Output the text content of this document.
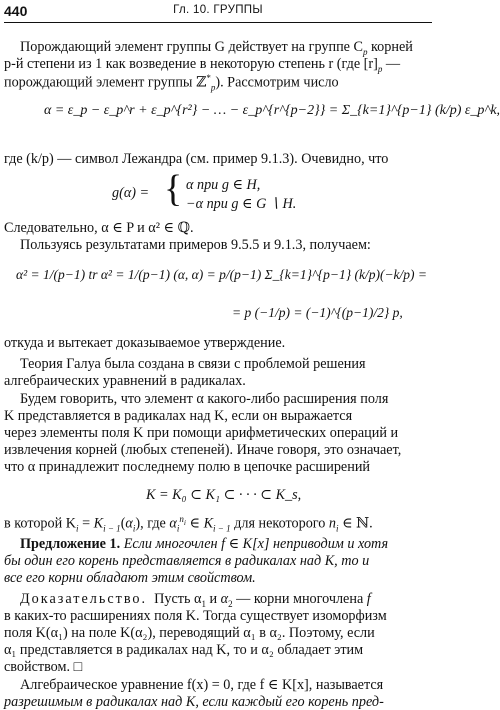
440	Гл. 10. ГРУППЫ
Порождающий элемент группы G действует на группе $C_p$ корней
p-й степени из 1 как возведение в некоторую степень r (где $[r]_p$ —
порождающий элемент группы ℤ*$_p$). Рассмотрим число
α = ε_p − ε_p^r + ε_p^{r²} − … − ε_p^{r^{p−2}} = Σ_{k=1}^{p−1} (k/p) ε_p^k,
где (k/p) — символ Лежандра (см. пример 9.1.3). Очевидно, что
g(α) = { α при g ∈ H,
−α при g ∈ G ∖ H.
Следовательно, α ∈ P и α² ∈ ℚ.
Пользуясь результатами примеров 9.5.5 и 9.1.3, получаем:
α² = 1/(p−1) tr α² = 1/(p−1) (α, α) = p/(p−1) Σ_{k=1}^{p−1} (k/p)(−k/p) =
= p (−1/p) = (−1)^{(p−1)/2} p,
откуда и вытекает доказываемое утверждение.
Теория Галуа была создана в связи с проблемой решения
алгебраических уравнений в радикалах.
Будем говорить, что элемент α какого-либо расширения поля
K представляется в радикалах над K, если он выражается
через элементы поля K при помощи арифметических операций и
извлечения корней (любых степеней). Иначе говоря, это означает,
что α принадлежит последнему полю в цепочке расширений
K = K₀ ⊂ K₁ ⊂ · · · ⊂ K_s,
в которой $K_i = K_{i - 1}(\alpha_i)$, где $\alpha_i^{n_i}$ ∈ $K_{i - 1}$ для некоторого $n_i$ ∈ ℕ.
Предложение 1. Если многочлен f ∈ K[x] неприводим и хотя
бы один его корень представляется в радикалах над K, то и
все его корни обладают этим свойством.
Доказательство. Пусть $\alpha_1$ и $\alpha_2$ — корни многочлена f
в каких-то расширениях поля K. Тогда существует изоморфизм
поля K(α₁) на поле K(α₂), переводящий α₁ в α₂. Поэтому, если
α₁ представляется в радикалах над K, то и α₂ обладает этим
свойством. □
Алгебраическое уравнение f(x) = 0, где f ∈ K[x], называется
разрешимым в радикалах над K, если каждый его корень пред-
